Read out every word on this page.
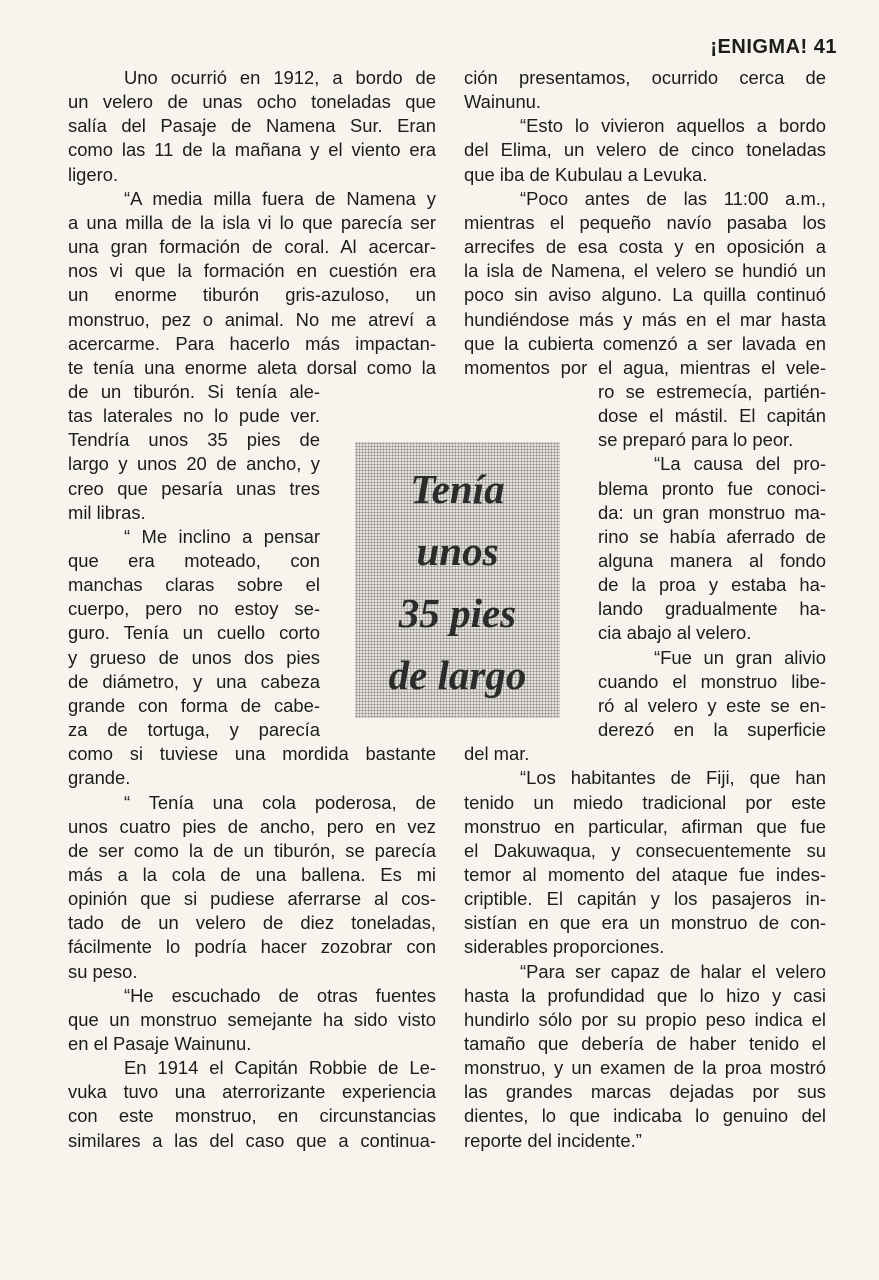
¡ENIGMA! 41
Uno ocurrió en 1912, a bordo de
un velero de unas ocho toneladas que
salía del Pasaje de Namena Sur. Eran
como las 11 de la mañana y el viento era
ligero.
“A media milla fuera de Namena y
a una milla de la isla vi lo que parecía ser
una gran formación de coral. Al acercar-
nos vi que la formación en cuestión era
un enorme tiburón gris-azuloso, un
monstruo, pez o animal. No me atreví a
acercarme. Para hacerlo más impactan-
te tenía una enorme aleta dorsal como la
de un tiburón. Si tenía ale-
tas laterales no lo pude ver.
Tendría unos 35 pies de
largo y unos 20 de ancho, y
creo que pesaría unas tres
mil libras.
“ Me inclino a pensar
que era moteado, con
manchas claras sobre el
cuerpo, pero no estoy se-
guro. Tenía un cuello corto
y grueso de unos dos pies
de diámetro, y una cabeza
grande con forma de cabe-
za de tortuga, y parecía
como si tuviese una mordida bastante
grande.
“ Tenía una cola poderosa, de
unos cuatro pies de ancho, pero en vez
de ser como la de un tiburón, se parecía
más a la cola de una ballena. Es mi
opinión que si pudiese aferrarse al cos-
tado de un velero de diez toneladas,
fácilmente lo podría hacer zozobrar con
su peso.
“He escuchado de otras fuentes
que un monstruo semejante ha sido visto
en el Pasaje Wainunu.
En 1914 el Capitán Robbie de Le-
vuka tuvo una aterrorizante experiencia
con este monstruo, en circunstancias
similares a las del caso que a continua-
ción presentamos, ocurrido cerca de
Wainunu.
“Esto lo vivieron aquellos a bordo
del Elima, un velero de cinco toneladas
que iba de Kubulau a Levuka.
“Poco antes de las 11:00 a.m.,
mientras el pequeño navío pasaba los
arrecifes de esa costa y en oposición a
la isla de Namena, el velero se hundió un
poco sin aviso alguno. La quilla continuó
hundiéndose más y más en el mar hasta
que la cubierta comenzó a ser lavada en
momentos por el agua, mientras el vele-
ro se estremecía, partién-
dose el mástil. El capitán
se preparó para lo peor.
“La causa del pro-
blema pronto fue conoci-
da: un gran monstruo ma-
rino se había aferrado de
alguna manera al fondo
de la proa y estaba ha-
lando gradualmente ha-
cia abajo al velero.
“Fue un gran alivio
cuando el monstruo libe-
ró al velero y este se en-
derezó en la superficie
del mar.
“Los habitantes de Fiji, que han
tenido un miedo tradicional por este
monstruo en particular, afirman que fue
el Dakuwaqua, y consecuentemente su
temor al momento del ataque fue indes-
criptible. El capitán y los pasajeros in-
sistían en que era un monstruo de con-
siderables proporciones.
“Para ser capaz de halar el velero
hasta la profundidad que lo hizo y casi
hundirlo sólo por su propio peso indica el
tamaño que debería de haber tenido el
monstruo, y un examen de la proa mostró
las grandes marcas dejadas por sus
dientes, lo que indicaba lo genuino del
reporte del incidente.”
Tenía
unos
35 pies
de largo
